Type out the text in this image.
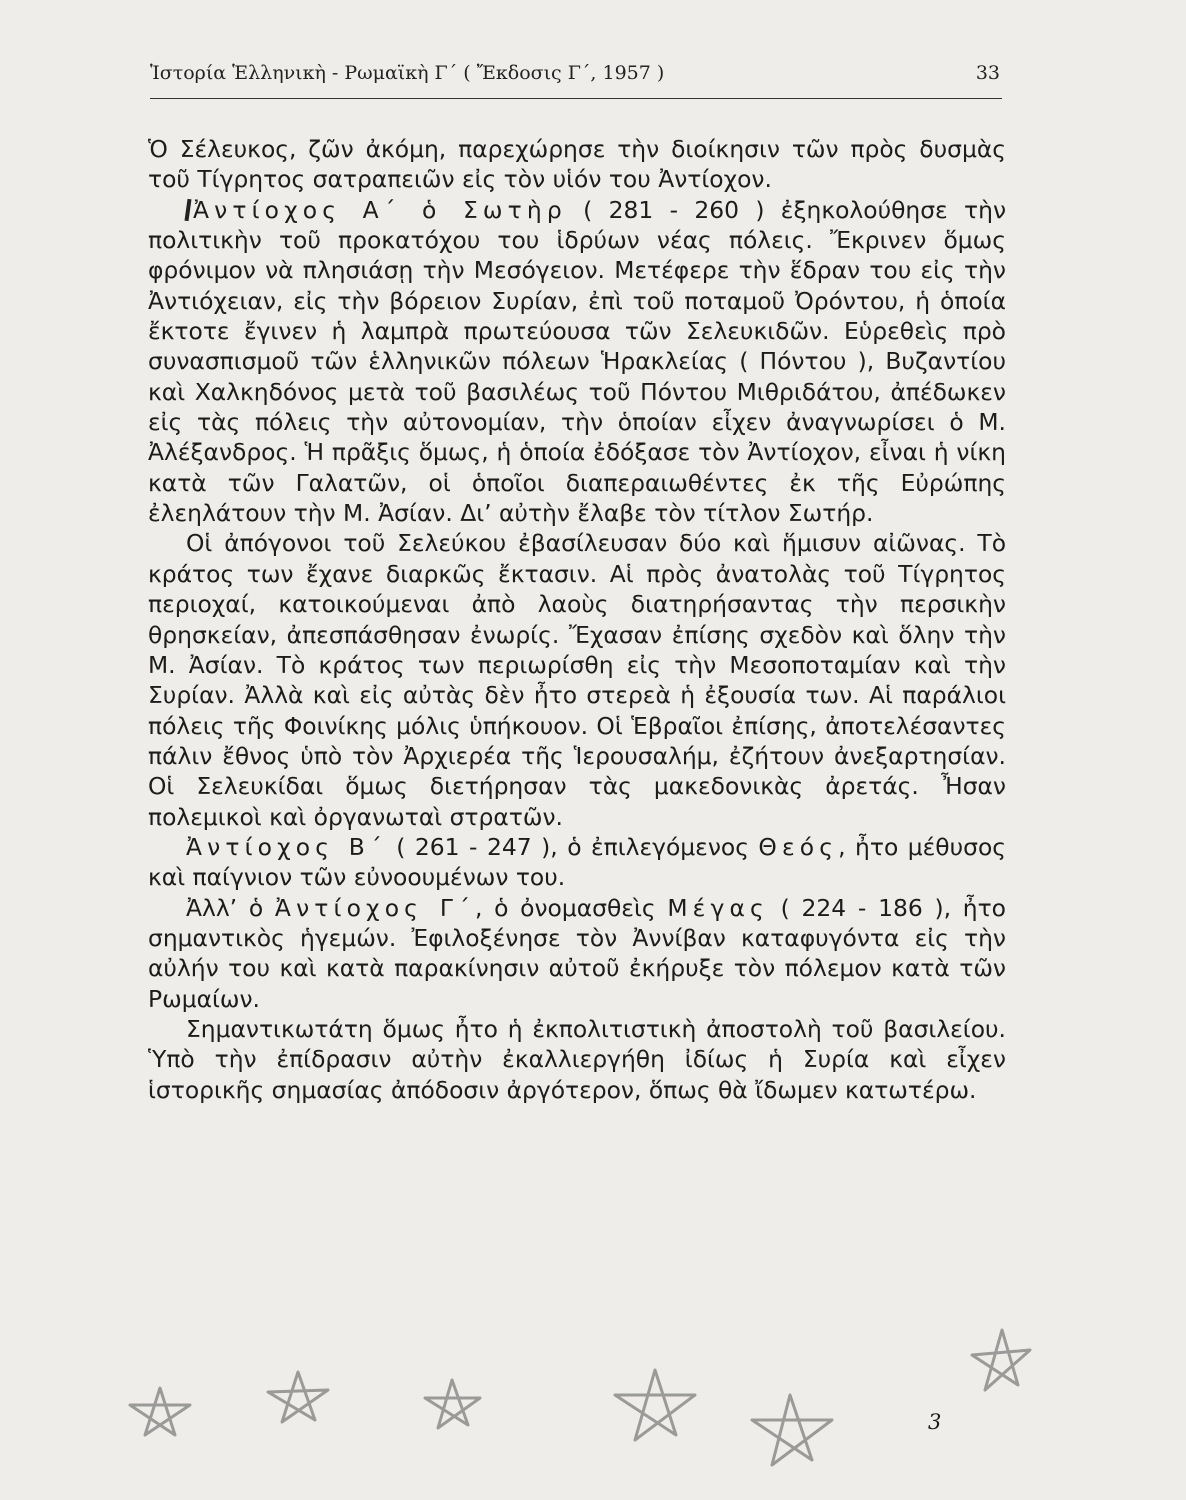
Ἱστορία Ἑλληνικὴ - Ρωμαϊκὴ Γ΄ ( Ἔκδοσις Γ΄, 1957 )	33

Ὁ Σέλευκος, ζῶν ἀκόμη, παρεχώρησε τὴν διοίκησιν τῶν πρὸς δυσμὰς τοῦ Τίγρητος σατραπειῶν εἰς τὸν υἱόν του Ἀντίοχον.

Ἀντίοχος Α΄ ὁ Σωτὴρ ( 281 - 260 ) ἐξηκολούθησε τὴν πολιτικὴν τοῦ προκατόχου του ἱδρύων νέας πόλεις. Ἔκρινεν ὅμως φρόνιμον νὰ πλησιάσῃ τὴν Μεσόγειον. Μετέφερε τὴν ἕδραν του εἰς τὴν Ἀντιόχειαν, εἰς τὴν βόρειον Συρίαν, ἐπὶ τοῦ ποταμοῦ Ὀρόντου, ἡ ὁποία ἔκτοτε ἔγινεν ἡ λαμπρὰ πρωτεύουσα τῶν Σελευκιδῶν. Εὑρεθεὶς πρὸ συνασπισμοῦ τῶν ἑλληνικῶν πόλεων Ἡρακλείας ( Πόντου ), Βυζαντίου καὶ Χαλκηδόνος μετὰ τοῦ βασιλέως τοῦ Πόντου Μιθριδάτου, ἀπέδωκεν εἰς τὰς πόλεις τὴν αὐτονομίαν, τὴν ὁποίαν εἶχεν ἀναγνωρίσει ὁ Μ. Ἀλέξανδρος. Ἡ πρᾶξις ὅμως, ἡ ὁποία ἐδόξασε τὸν Ἀντίοχον, εἶναι ἡ νίκη κατὰ τῶν Γαλατῶν, οἱ ὁποῖοι διαπεραιωθέντες ἐκ τῆς Εὐρώπης ἐλεηλάτουν τὴν Μ. Ἀσίαν. Δι’ αὐτὴν ἔλαβε τὸν τίτλον Σωτήρ.

Οἱ ἀπόγονοι τοῦ Σελεύκου ἐβασίλευσαν δύο καὶ ἥμισυν αἰῶνας. Τὸ κράτος των ἔχανε διαρκῶς ἔκτασιν. Αἱ πρὸς ἀνατολὰς τοῦ Τίγρητος περιοχαί, κατοικούμεναι ἀπὸ λαοὺς διατηρήσαντας τὴν περσικὴν θρησκείαν, ἀπεσπάσθησαν ἐνωρίς. Ἔχασαν ἐπίσης σχεδὸν καὶ ὅλην τὴν Μ. Ἀσίαν. Τὸ κράτος των περιωρίσθη εἰς τὴν Μεσοποταμίαν καὶ τὴν Συρίαν. Ἀλλὰ καὶ εἰς αὐτὰς δὲν ἦτο στερεὰ ἡ ἐξουσία των. Αἱ παράλιοι πόλεις τῆς Φοινίκης μόλις ὑπήκουον. Οἱ Ἑβραῖοι ἐπίσης, ἀποτελέσαντες πάλιν ἔθνος ὑπὸ τὸν Ἀρχιερέα τῆς Ἱερουσαλήμ, ἐζήτουν ἀνεξαρτησίαν. Οἱ Σελευκίδαι ὅμως διετήρησαν τὰς μακεδονικὰς ἀρετάς. Ἦσαν πολεμικοὶ καὶ ὀργανωταὶ στρατῶν.

Ἀντίοχος Β΄ ( 261 - 247 ), ὁ ἐπιλεγόμενος Θεός, ἦτο μέθυσος καὶ παίγνιον τῶν εὐνοουμένων του.

Ἀλλ’ ὁ Ἀντίοχος Γ΄, ὁ ὀνομασθεὶς Μέγας ( 224 - 186 ), ἦτο σημαντικὸς ἡγεμών. Ἐφιλοξένησε τὸν Ἀννίβαν καταφυγόντα εἰς τὴν αὐλήν του καὶ κατὰ παρακίνησιν αὐτοῦ ἐκήρυξε τὸν πόλεμον κατὰ τῶν Ρωμαίων.

Σημαντικωτάτη ὅμως ἦτο ἡ ἐκπολιτιστικὴ ἀποστολὴ τοῦ βασιλείου. Ὑπὸ τὴν ἐπίδρασιν αὐτὴν ἐκαλλιεργήθη ἰδίως ἡ Συρία καὶ εἶχεν ἱστορικῆς σημασίας ἀπόδοσιν ἀργότερον, ὅπως θὰ ἴδωμεν κατωτέρω.

3
